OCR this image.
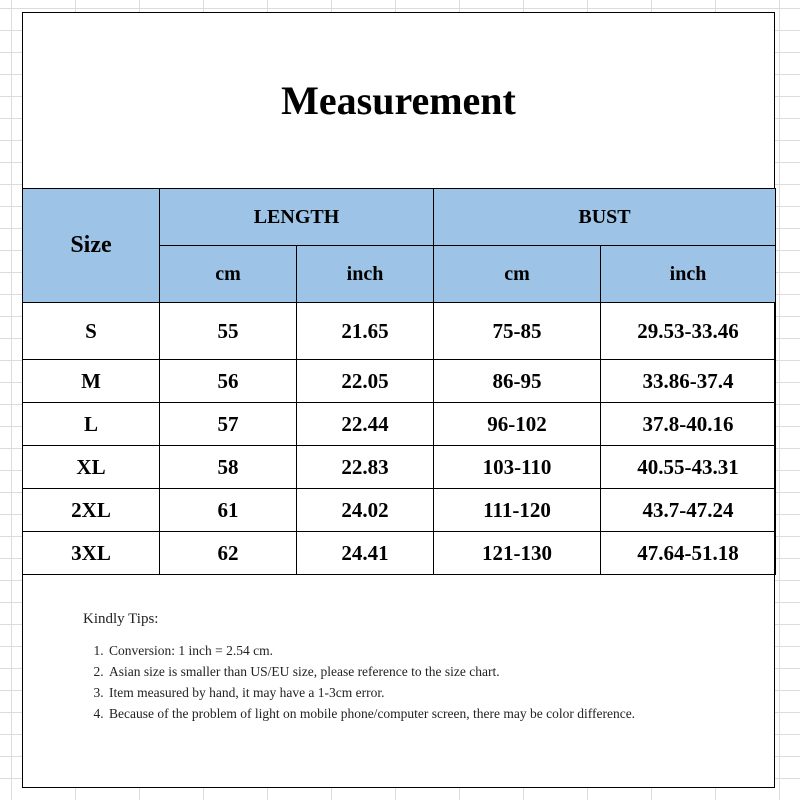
Measurement
Size	LENGTH		BUST	
	cm	inch	cm	inch
S	55	21.65	75-85	29.53-33.46
M	56	22.05	86-95	33.86-37.4
L	57	22.44	96-102	37.8-40.16
XL	58	22.83	103-110	40.55-43.31
2XL	61	24.02	111-120	43.7-47.24
3XL	62	24.41	121-130	47.64-51.18
Kindly Tips:
1. Conversion: 1 inch = 2.54 cm.
2. Asian size is smaller than US/EU size, please reference to the size chart.
3. Item measured by hand, it may have a 1-3cm error.
4. Because of the problem of light on mobile phone/computer screen, there may be color difference.
